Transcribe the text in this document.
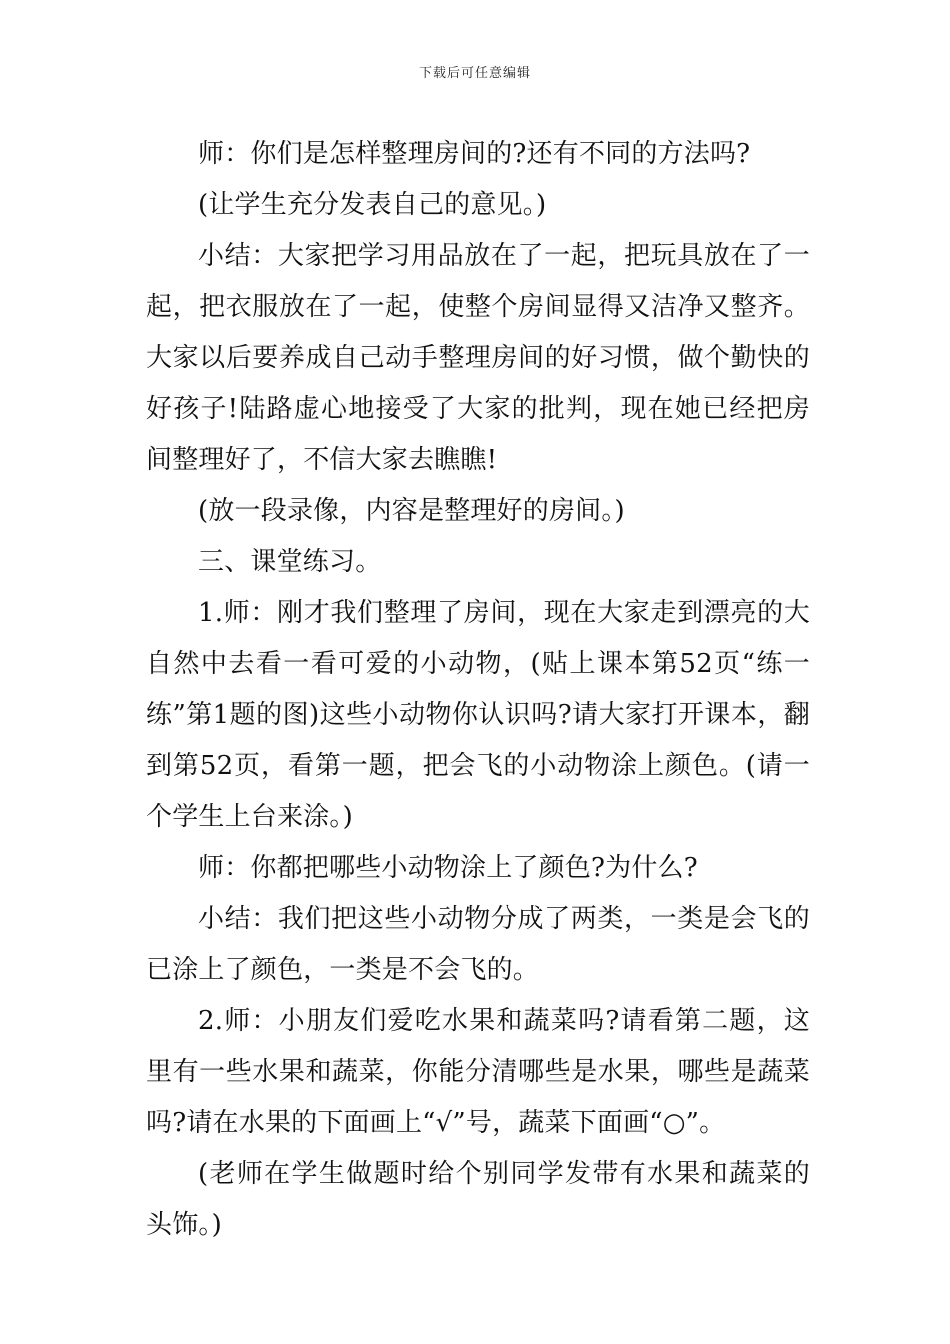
下载后可任意编辑

师：你们是怎样整理房间的?还有不同的方法吗?

(让学生充分发表自己的意见。)

小结：大家把学习用品放在了一起，把玩具放在了一起，把衣服放在了一起，使整个房间显得又洁净又整齐。大家以后要养成自己动手整理房间的好习惯，做个勤快的好孩子!陆路虚心地接受了大家的批判，现在她已经把房间整理好了，不信大家去瞧瞧!

(放一段录像，内容是整理好的房间。)

三、课堂练习。

1.师：刚才我们整理了房间，现在大家走到漂亮的大自然中去看一看可爱的小动物，(贴上课本第52页“练一练”第1题的图)这些小动物你认识吗?请大家打开课本，翻到第52页，看第一题，把会飞的小动物涂上颜色。(请一个学生上台来涂。)

师：你都把哪些小动物涂上了颜色?为什么?

小结：我们把这些小动物分成了两类，一类是会飞的已涂上了颜色，一类是不会飞的。

2.师：小朋友们爱吃水果和蔬菜吗?请看第二题，这里有一些水果和蔬菜，你能分清哪些是水果，哪些是蔬菜吗?请在水果的下面画上“√”号，蔬菜下面画“○”。

(老师在学生做题时给个别同学发带有水果和蔬菜的头饰。)
